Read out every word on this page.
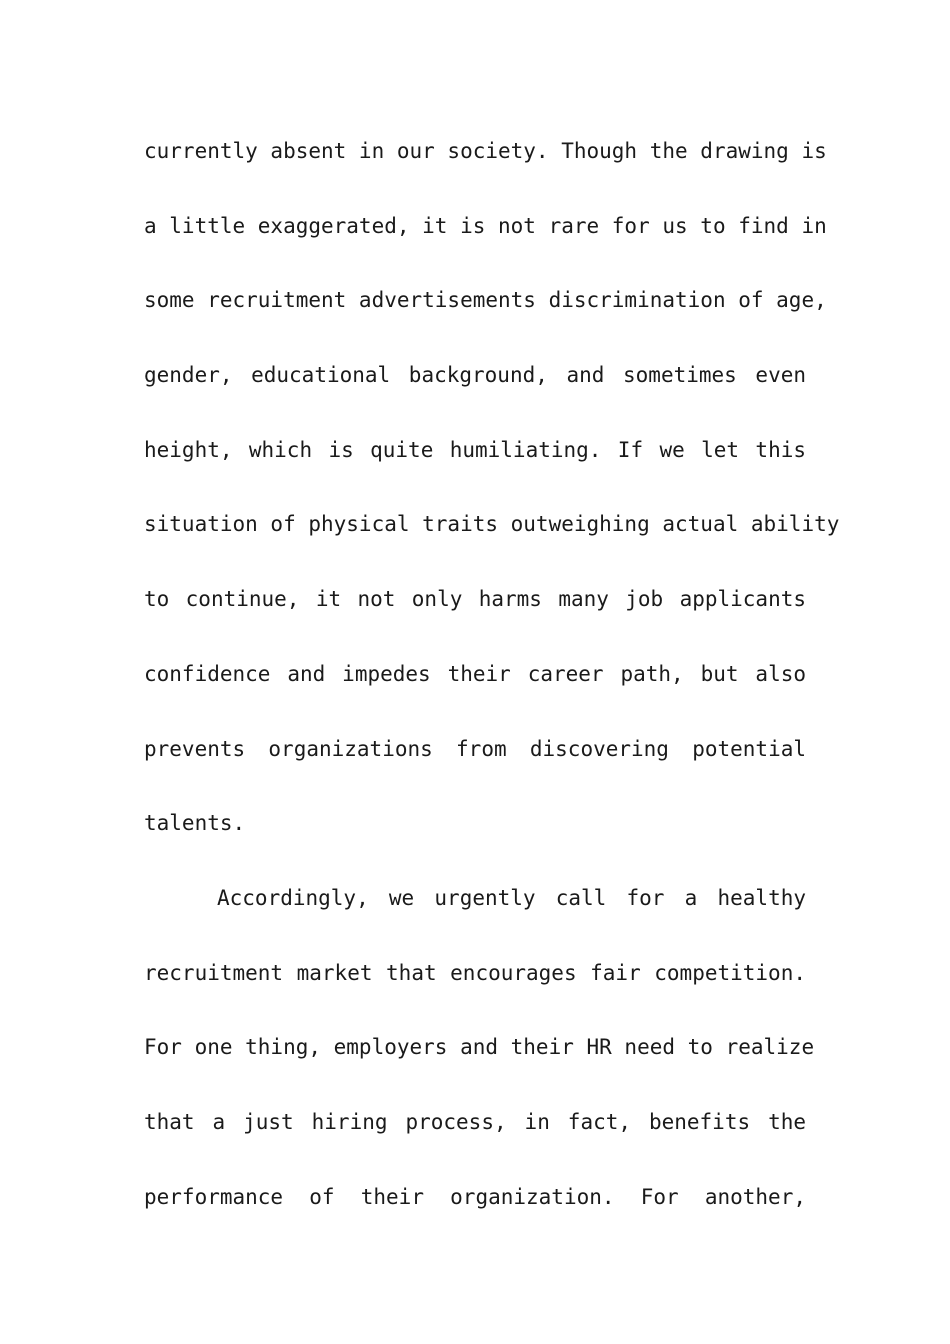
currently absent in our society. Though the drawing is
a little exaggerated, it is not rare for us to find in
some recruitment advertisements discrimination of age,
gender, educational background, and sometimes even
height, which is quite humiliating. If we let this
situation of physical traits outweighing actual ability
to continue, it not only harms many job applicants
confidence and impedes their career path, but also
prevents organizations from discovering potential
talents.
Accordingly, we urgently call for a healthy
recruitment market that encourages fair competition.
For one thing, employers and their HR need to realize
that a just hiring process, in fact, benefits the
performance of their organization. For another,
